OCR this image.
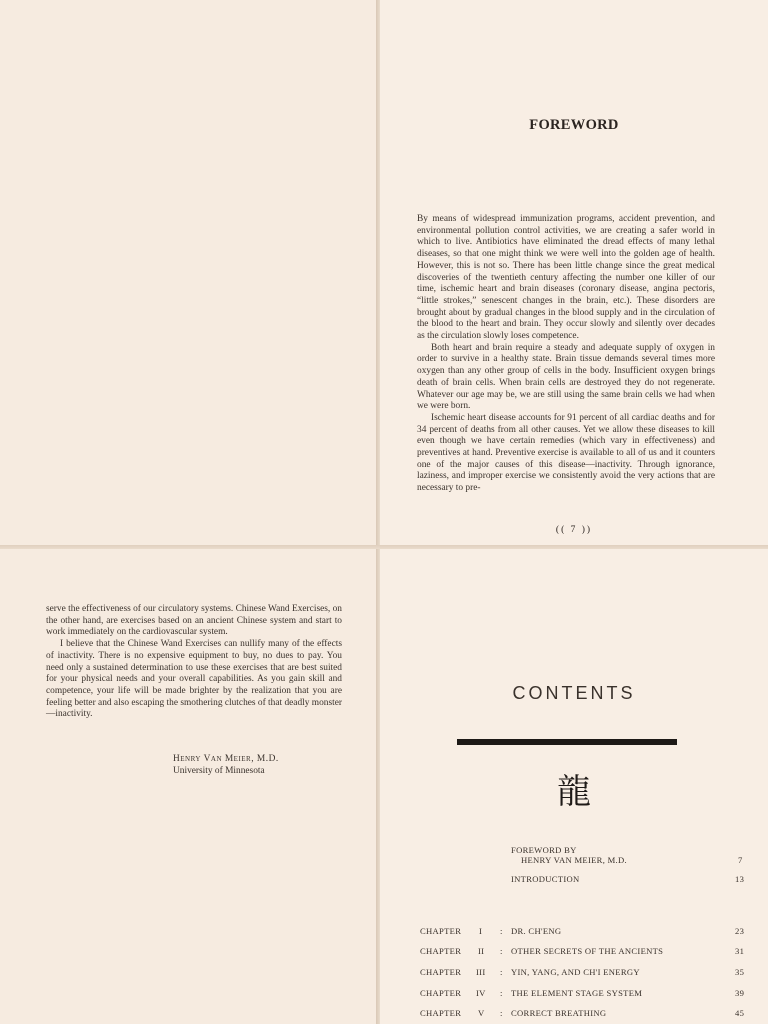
FOREWORD

By means of widespread immunization programs, accident prevention, and environmental pollution control activities, we are creating a safer world in which to live. Antibiotics have eliminated the dread effects of many lethal diseases, so that one might think we were well into the golden age of health. However, this is not so. There has been little change since the great medical discoveries of the twentieth century affecting the number one killer of our time, ischemic heart and brain diseases (coronary disease, angina pectoris, “little strokes,” senescent changes in the brain, etc.). These disorders are brought about by gradual changes in the blood supply and in the circulation of the blood to the heart and brain. They occur slowly and silently over decades as the circulation slowly loses competence.

Both heart and brain require a steady and adequate supply of oxygen in order to survive in a healthy state. Brain tissue demands several times more oxygen than any other group of cells in the body. Insufficient oxygen brings death of brain cells. When brain cells are destroyed they do not regenerate. Whatever our age may be, we are still using the same brain cells we had when we were born.

Ischemic heart disease accounts for 91 percent of all cardiac deaths and for 34 percent of deaths from all other causes. Yet we allow these diseases to kill even though we have certain remedies (which vary in effectiveness) and preventives at hand. Preventive exercise is available to all of us and it counters one of the major causes of this disease—inactivity. Through ignorance, laziness, and improper exercise we consistently avoid the very actions that are necessary to pre-

(( 7 ))

serve the effectiveness of our circulatory systems. Chinese Wand Exercises, on the other hand, are exercises based on an ancient Chinese system and start to work immediately on the cardiovascular system.

I believe that the Chinese Wand Exercises can nullify many of the effects of inactivity. There is no expensive equipment to buy, no dues to pay. You need only a sustained determination to use these exercises that are best suited for your physical needs and your overall capabilities. As you gain skill and competence, your life will be made brighter by the realization that you are feeling better and also escaping the smothering clutches of that deadly monster—inactivity.

Henry Van Meier, M.D.
University of Minnesota
CONTENTS
龍
FOREWORD BY
HENRY VAN MEIER, M.D.	7
INTRODUCTION	13
CHAPTER I : DR. CH'ENG	23
CHAPTER II : OTHER SECRETS OF THE ANCIENTS	31
CHAPTER III : YIN, YANG, AND CH'I ENERGY	35
CHAPTER IV : THE ELEMENT STAGE SYSTEM	39
CHAPTER V : CORRECT BREATHING	45
